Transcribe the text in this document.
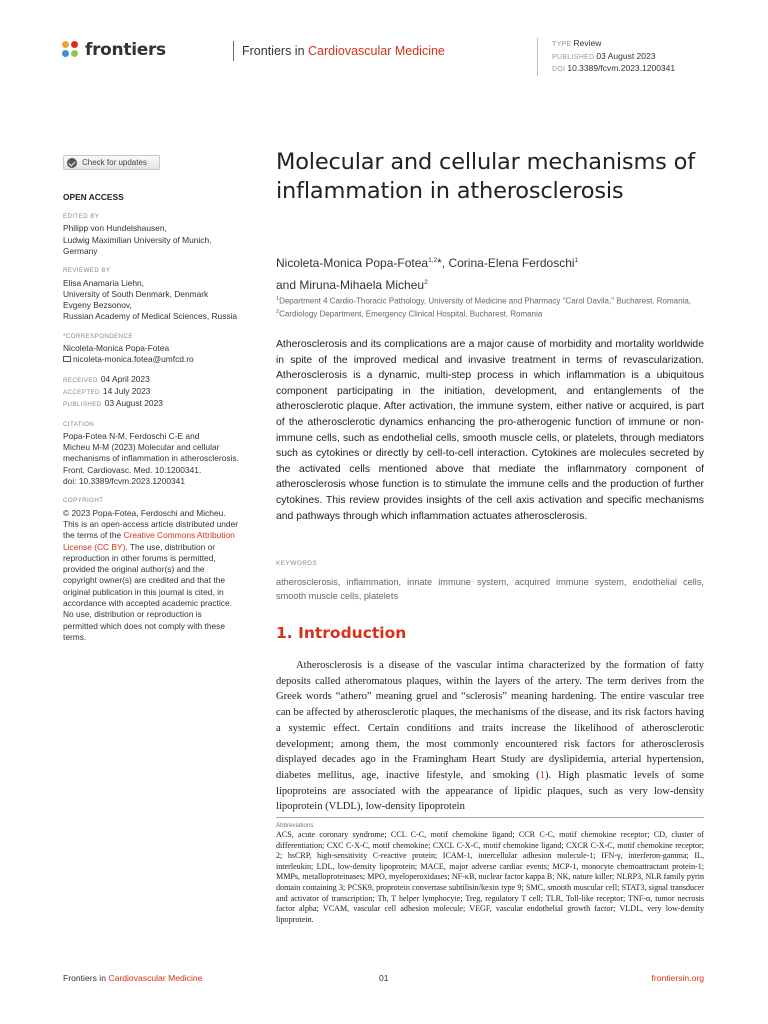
frontiers	Frontiers in Cardiovascular Medicine	TYPE Review
PUBLISHED 03 August 2023
DOI 10.3389/fcvm.2023.1200341
Check for updates
OPEN ACCESS
EDITED BY
Philipp von Hundelshausen,
Ludwig Maximilian University of Munich,
Germany
REVIEWED BY
Elisa Anamaria Liehn,
University of South Denmark, Denmark
Evgeny Bezsonov,
Russian Academy of Medical Sciences, Russia
*CORRESPONDENCE
Nicoleta-Monica Popa-Fotea
nicoleta-monica.fotea@umfcd.ro
RECEIVED 04 April 2023
ACCEPTED 14 July 2023
PUBLISHED 03 August 2023
CITATION
Popa-Fotea N-M, Ferdoschi C-E and
Micheu M-M (2023) Molecular and cellular
mechanisms of inflammation in atherosclerosis.
Front. Cardiovasc. Med. 10:1200341.
doi: 10.3389/fcvm.2023.1200341
COPYRIGHT
© 2023 Popa-Fotea, Ferdoschi and Micheu.
This is an open-access article distributed under
the terms of the Creative Commons Attribution
License (CC BY). The use, distribution or
reproduction in other forums is permitted,
provided the original author(s) and the
copyright owner(s) are credited and that the
original publication in this journal is cited, in
accordance with accepted academic practice.
No use, distribution or reproduction is
permitted which does not comply with these
terms.
Molecular and cellular mechanisms of inflammation in atherosclerosis
Nicoleta-Monica Popa-Fotea$^{1,2}$*, Corina-Elena Ferdoschi$^1$
and Miruna-Mihaela Micheu$^2$
$^1$Department 4 Cardio-Thoracic Pathology, University of Medicine and Pharmacy "Carol Davila," Bucharest, Romania, $^2$Cardiology Department, Emergency Clinical Hospital, Bucharest, Romania

Atherosclerosis and its complications are a major cause of morbidity and mortality worldwide in spite of the improved medical and invasive treatment in terms of revascularization. Atherosclerosis is a dynamic, multi-step process in which inflammation is a ubiquitous component participating in the initiation, development, and entanglements of the atherosclerotic plaque. After activation, the immune system, either native or acquired, is part of the atherosclerotic dynamics enhancing the pro-atherogenic function of immune or non-immune cells, such as endothelial cells, smooth muscle cells, or platelets, through mediators such as cytokines or directly by cell-to-cell interaction. Cytokines are molecules secreted by the activated cells mentioned above that mediate the inflammatory component of atherosclerosis whose function is to stimulate the immune cells and the production of further cytokines. This review provides insights of the cell axis activation and specific mechanisms and pathways through which inflammation actuates atherosclerosis.

KEYWORDS

atherosclerosis, inflammation, innate immune system, acquired immune system, endothelial cells, smooth muscle cells, platelets

1. Introduction

Atherosclerosis is a disease of the vascular intima characterized by the formation of fatty deposits called atheromatous plaques, within the layers of the artery. The term derives from the Greek words “athero” meaning gruel and “sclerosis” meaning hardening. The entire vascular tree can be affected by atherosclerotic plaques, the mechanisms of the disease, and its risk factors having a systemic effect. Certain conditions and traits increase the likelihood of atherosclerotic development; among them, the most commonly encountered risk factors for atherosclerosis displayed decades ago in the Framingham Heart Study are dyslipidemia, arterial hypertension, diabetes mellitus, age, inactive lifestyle, and smoking (1). High plasmatic levels of some lipoproteins are associated with the appearance of lipidic plaques, such as very low-density lipoprotein (VLDL), low-density lipoprotein

Abbreviations

ACS, acute coronary syndrome; CCL C-C, motif chemokine ligand; CCR C-C, motif chemokine receptor; CD, cluster of differentiation; CXC C-X-C, motif chemokine; CXCL C-X-C, motif chemokine ligand; CXCR C-X-C, motif chemokine receptor; 2; hsCRP, high-sensitivity C-reactive protein; ICAM-1, intercellular adhesion molecule-1; IFN-γ, interferon-gamma; IL, interleukin; LDL, low-density lipoprotein; MACE, major adverse cardiac events; MCP-1, monocyte chemoattractant protein-1; MMPs, metalloproteinases; MPO, myeloperoxidases; NF-κB, nuclear factor kappa B; NK, nature killer; NLRP3, NLR family pyrin domain containing 3; PCSK9, proprotein convertase subtilisin/kexin type 9; SMC, smooth muscular cell; STAT3, signal transducer and activator of transcription; Th, T helper lymphocyte; Treg, regulatory T cell; TLR, Toll-like receptor; TNF-α, tumor necrosis factor alpha; VCAM, vascular cell adhesion molecule; VEGF, vascular endothelial growth factor; VLDL, very low-density lipoprotein.

Frontiers in Cardiovascular Medicine	01	frontiersin.org
